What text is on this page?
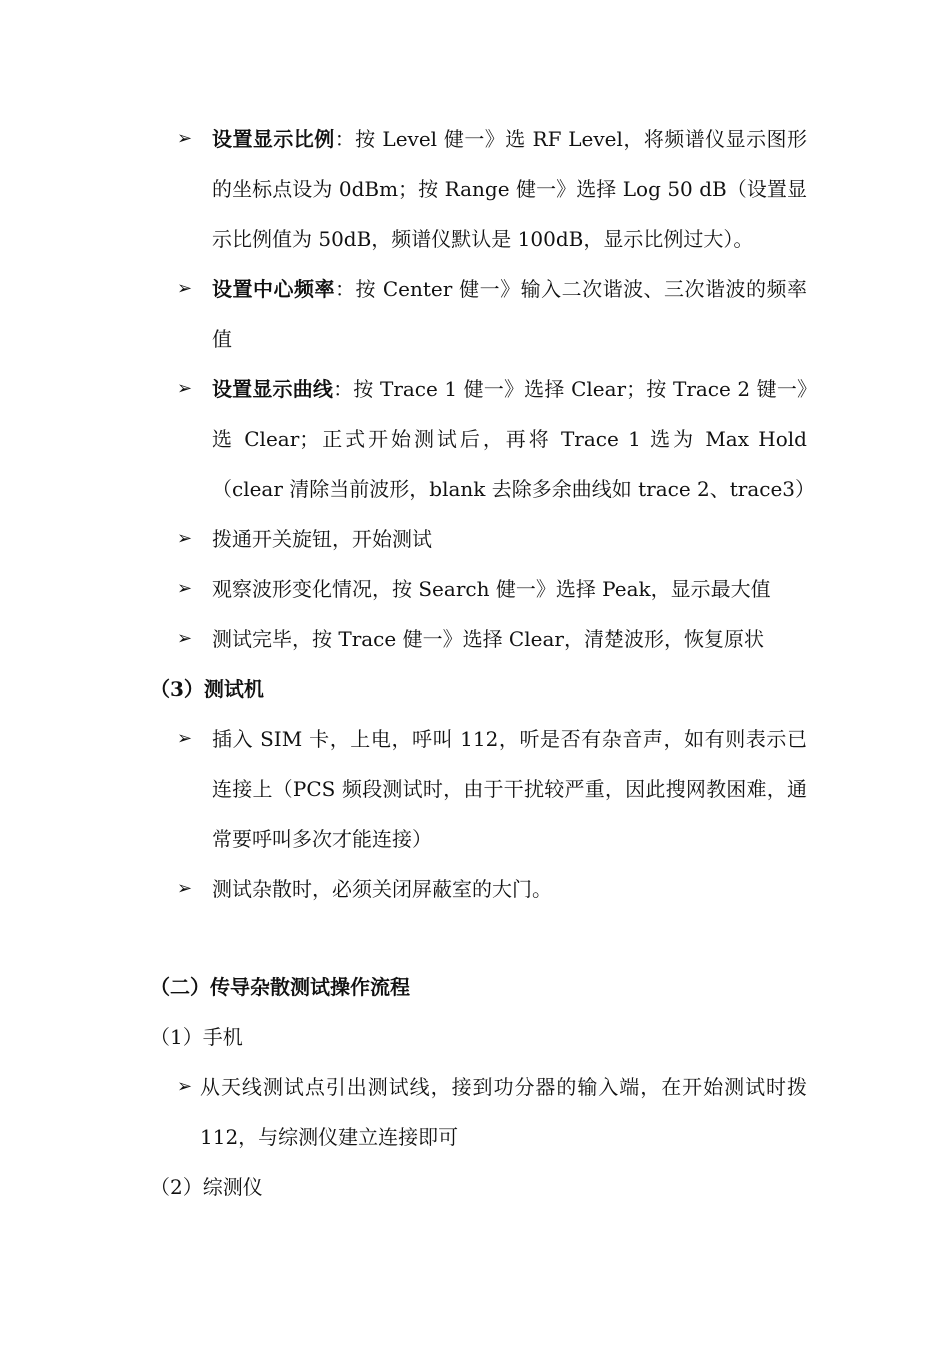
➢ 设置显示比例：按 Level 健一》选 RF Level，将频谱仪显示图形的坐标点设为 0dBm；按 Range 健一》选择 Log 50 dB（设置显示比例值为 50dB，频谱仪默认是 100dB，显示比例过大）。
➢ 设置中心频率：按 Center 健一》输入二次谐波、三次谐波的频率值
➢ 设置显示曲线：按 Trace 1 健一》选择 Clear；按 Trace 2 键一》选 Clear；正式开始测试后，再将 Trace 1 选为 Max Hold（clear 清除当前波形，blank 去除多余曲线如 trace 2、trace3）
➢ 拨通开关旋钮，开始测试
➢ 观察波形变化情况，按 Search 健一》选择 Peak，显示最大值
➢ 测试完毕，按 Trace 健一》选择 Clear，清楚波形，恢复原状
（3）测试机
➢ 插入 SIM 卡，上电，呼叫 112，听是否有杂音声，如有则表示已连接上（PCS 频段测试时，由于干扰较严重，因此搜网教困难，通常要呼叫多次才能连接）
➢ 测试杂散时，必须关闭屏蔽室的大门。
（二）传导杂散测试操作流程
（1）手机
➢ 从天线测试点引出测试线，接到功分器的输入端，在开始测试时拨 112，与综测仪建立连接即可
（2）综测仪
